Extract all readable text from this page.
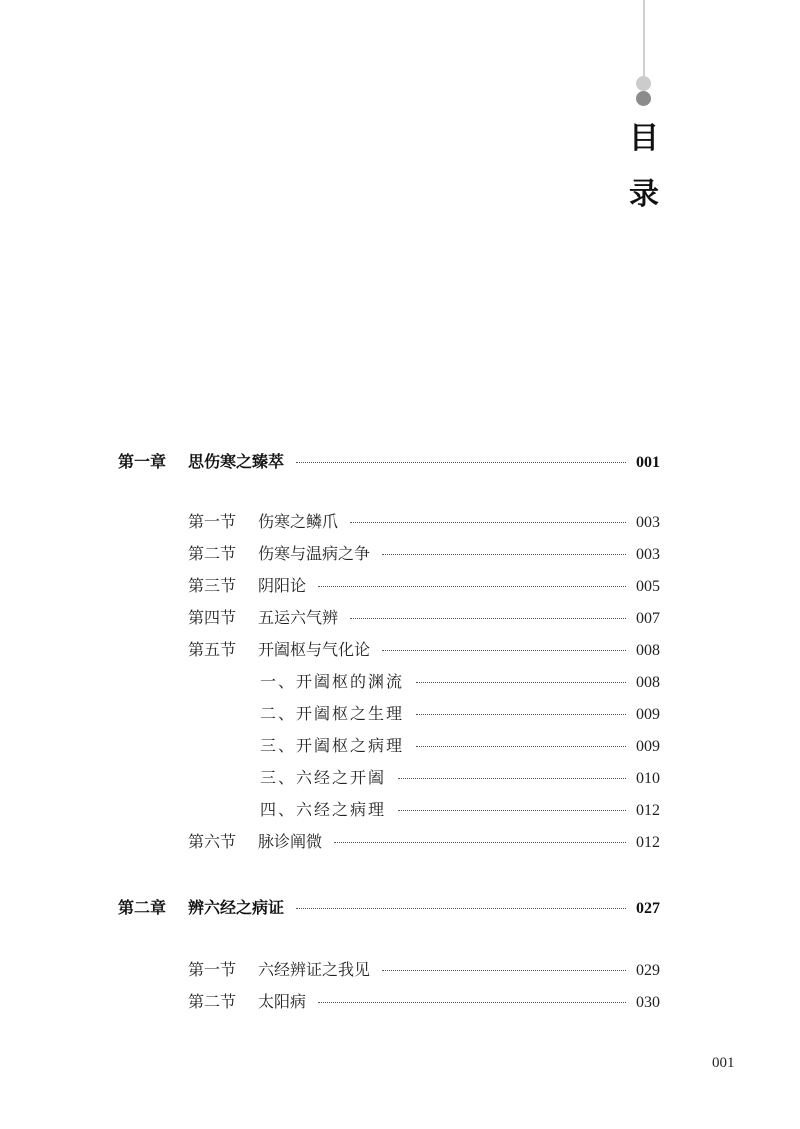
目
录
第一章	思伤寒之臻萃	001
第一节	伤寒之鳞爪	003
第二节	伤寒与温病之争	003
第三节	阴阳论	005
第四节	五运六气辨	007
第五节	开阖枢与气化论	008
一、开阖枢的渊流	008
二、开阖枢之生理	009
三、开阖枢之病理	009
三、六经之开阖	010
四、六经之病理	012
第六节	脉诊阐微	012
第二章	辨六经之病证	027
第一节	六经辨证之我见	029
第二节	太阳病	030
001
